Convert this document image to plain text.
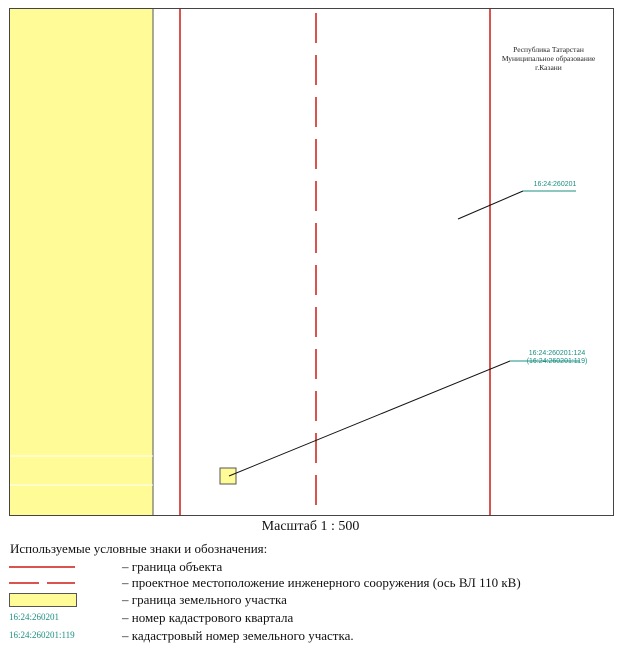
Республика Татарстан
Муниципальное образование
г.Казани
16:24:260201
16:24:260201:124
(16:24:260201:119)
Масштаб 1 : 500
Используемые условные знаки и обозначения:
– граница объекта
– проектное местоположение инженерного сооружения (ось ВЛ 110 кВ)
– граница земельного участка
16:24:260201	– номер кадастрового квартала
16:24:260201:119	– кадастровый номер земельного участка.
